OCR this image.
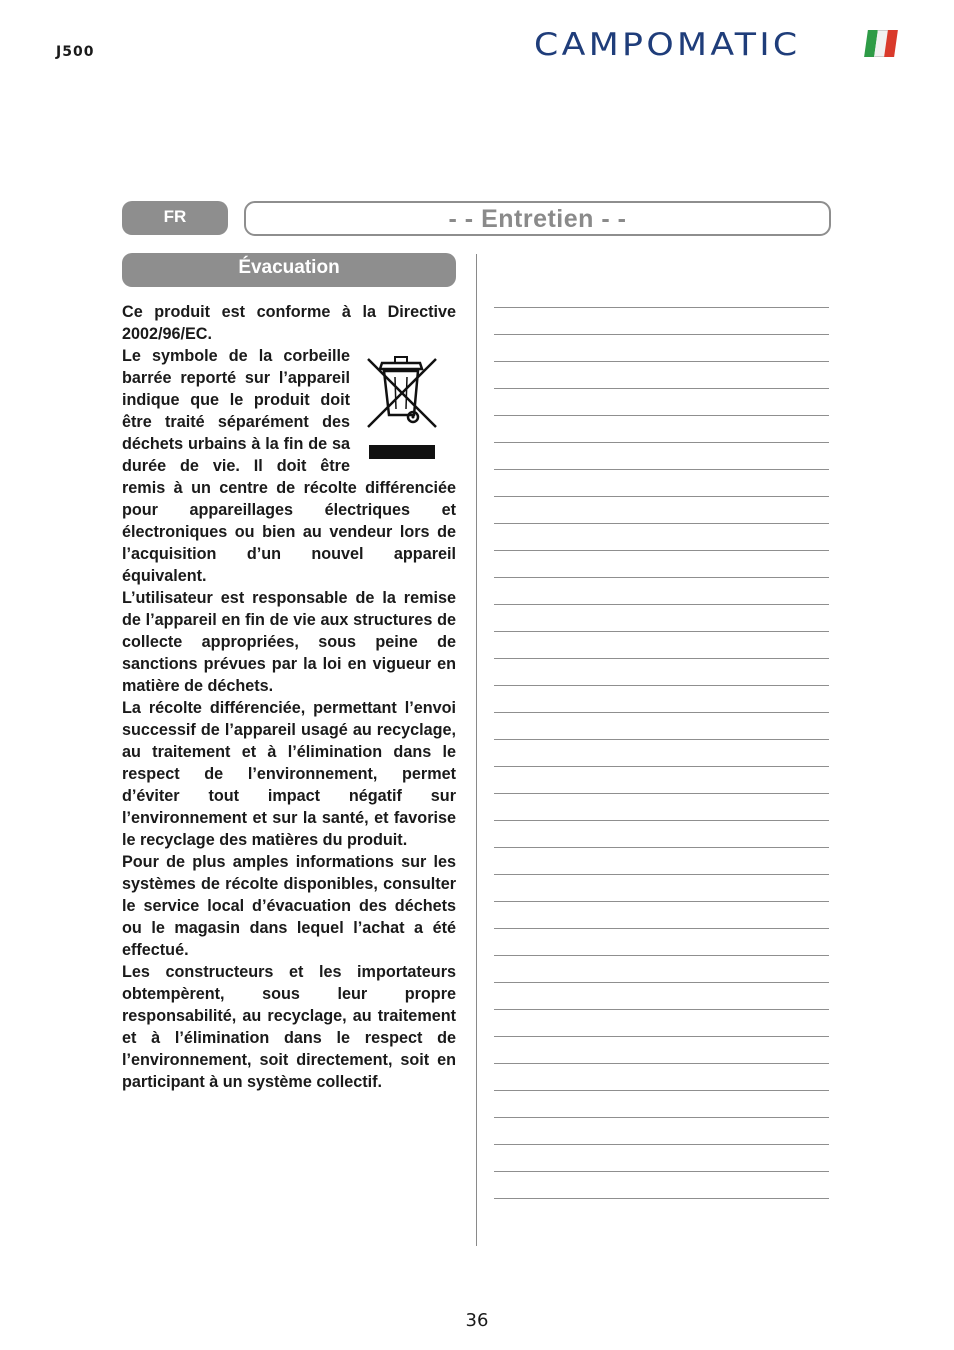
J500	CAMPOMATIC
FR	- - Entretien - -
Évacuation

Ce produit est conforme à la Directive 2002/96/EC.

Le symbole de la corbeille barrée reporté sur l’appareil indique que le produit doit être traité séparément des déchets urbains à la fin de sa durée de vie. Il doit être remis à un centre de récolte différenciée pour appareillages électriques et électroniques ou bien au vendeur lors de l’acquisition d’un nouvel appareil équivalent.

L’utilisateur est responsable de la remise de l’appareil en fin de vie aux structures de collecte appropriées, sous peine de sanctions prévues par la loi en vigueur en matière de déchets.

La récolte différenciée, permettant l’envoi successif de l’appareil usagé au recyclage, au traitement et à l’élimination dans le respect de l’environnement, permet d’éviter tout impact négatif sur l’environnement et sur la santé, et favorise le recyclage des matières du produit.

Pour de plus amples informations sur les systèmes de récolte disponibles, consulter le service local d’évacuation des déchets ou le magasin dans lequel l’achat a été effectué.

Les constructeurs et les importateurs obtempèrent, sous leur propre responsabilité, au recyclage, au traitement et à l’élimination dans le respect de l’environnement, soit directement, soit en participant à un système collectif.

36
